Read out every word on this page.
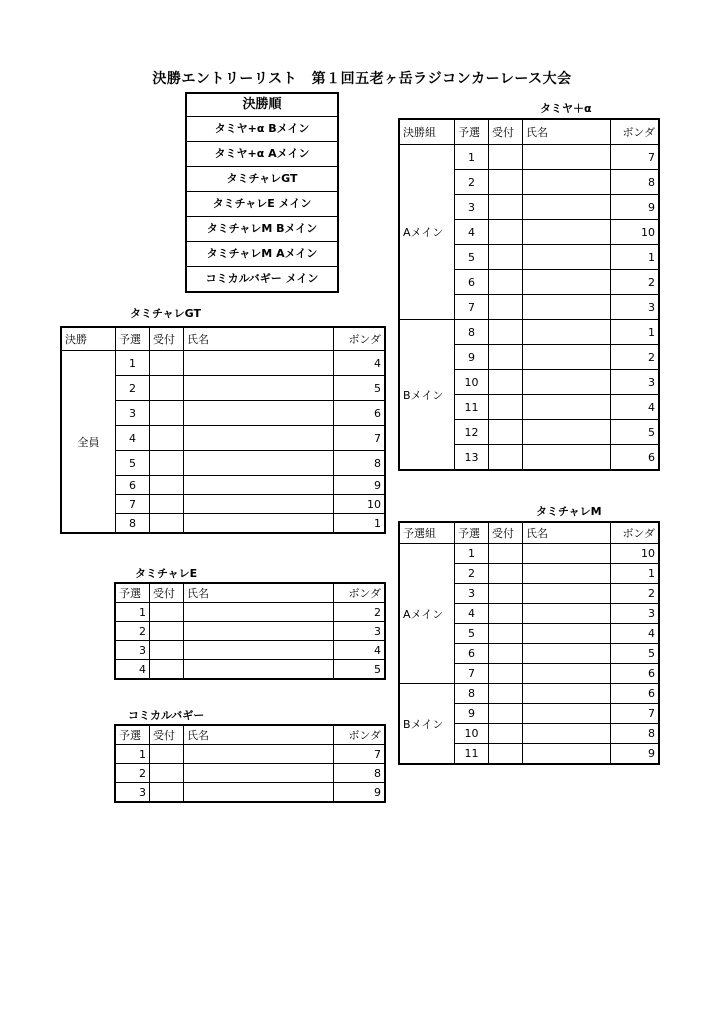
決勝エントリーリスト　第１回五老ヶ岳ラジコンカーレース大会
決勝順
タミヤ+α Bメイン
タミヤ+α Aメイン
タミチャレGT
タミチャレE メイン
タミチャレM Bメイン
タミチャレM Aメイン
コミカルバギー メイン
タミヤ＋α
決勝組	予選	受付	氏名	ボンダ
Aメイン	1			7
	2			8
	3			9
	4			10
	5			1
	6			2
	7			3
Bメイン	8			1
	9			2
	10			3
	11			4
	12			5
	13			6
タミチャレGT
決勝	予選	受付	氏名	ボンダ
全員	1			4
	2			5
	3			6
	4			7
	5			8
	6			9
	7			10
	8			1
タミチャレM
予選組	予選	受付	氏名	ボンダ
Aメイン	1			10
	2			1
	3			2
	4			3
	5			4
	6			5
	7			6
Bメイン	8			6
	9			7
	10			8
	11			9
タミチャレE
予選	受付	氏名	ボンダ
1			2
2			3
3			4
4			5
コミカルバギー
予選	受付	氏名	ボンダ
1			7
2			8
3			9
